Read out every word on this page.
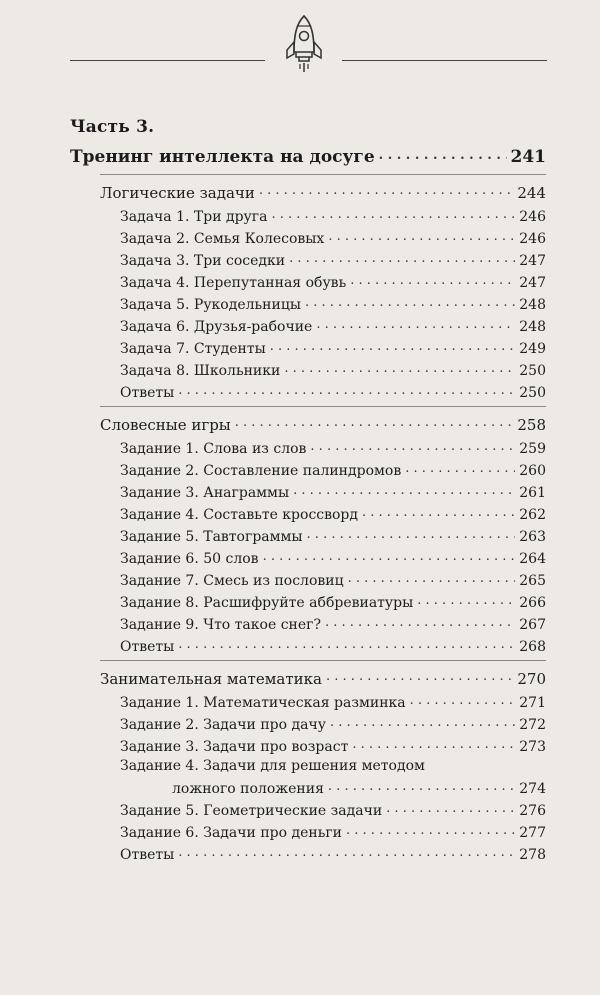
Часть 3.
Тренинг интеллекта на досуге . . .	241
Логические задачи . . .	244
Задача 1. Три друга . . .	246
Задача 2. Семья Колесовых . . .	246
Задача 3. Три соседки . . .	247
Задача 4. Перепутанная обувь . . .	247
Задача 5. Рукодельницы . . .	248
Задача 6. Друзья-рабочие . . .	248
Задача 7. Студенты . . .	249
Задача 8. Школьники . . .	250
Ответы . . .	250
Словесные игры . . .	258
Задание 1. Слова из слов . . .	259
Задание 2. Составление палиндромов . . .	260
Задание 3. Анаграммы . . .	261
Задание 4. Составьте кроссворд . . .	262
Задание 5. Тавтограммы . . .	263
Задание 6. 50 слов . . .	264
Задание 7. Смесь из пословиц . . .	265
Задание 8. Расшифруйте аббревиатуры . . .	266
Задание 9. Что такое снег? . . .	267
Ответы . . .	268
Занимательная математика . . .	270
Задание 1. Математическая разминка . . .	271
Задание 2. Задачи про дачу . . .	272
Задание 3. Задачи про возраст . . .	273
Задание 4. Задачи для решения методом
ложного положения . . .	274
Задание 5. Геометрические задачи . . .	276
Задание 6. Задачи про деньги . . .	277
Ответы . . .	278
